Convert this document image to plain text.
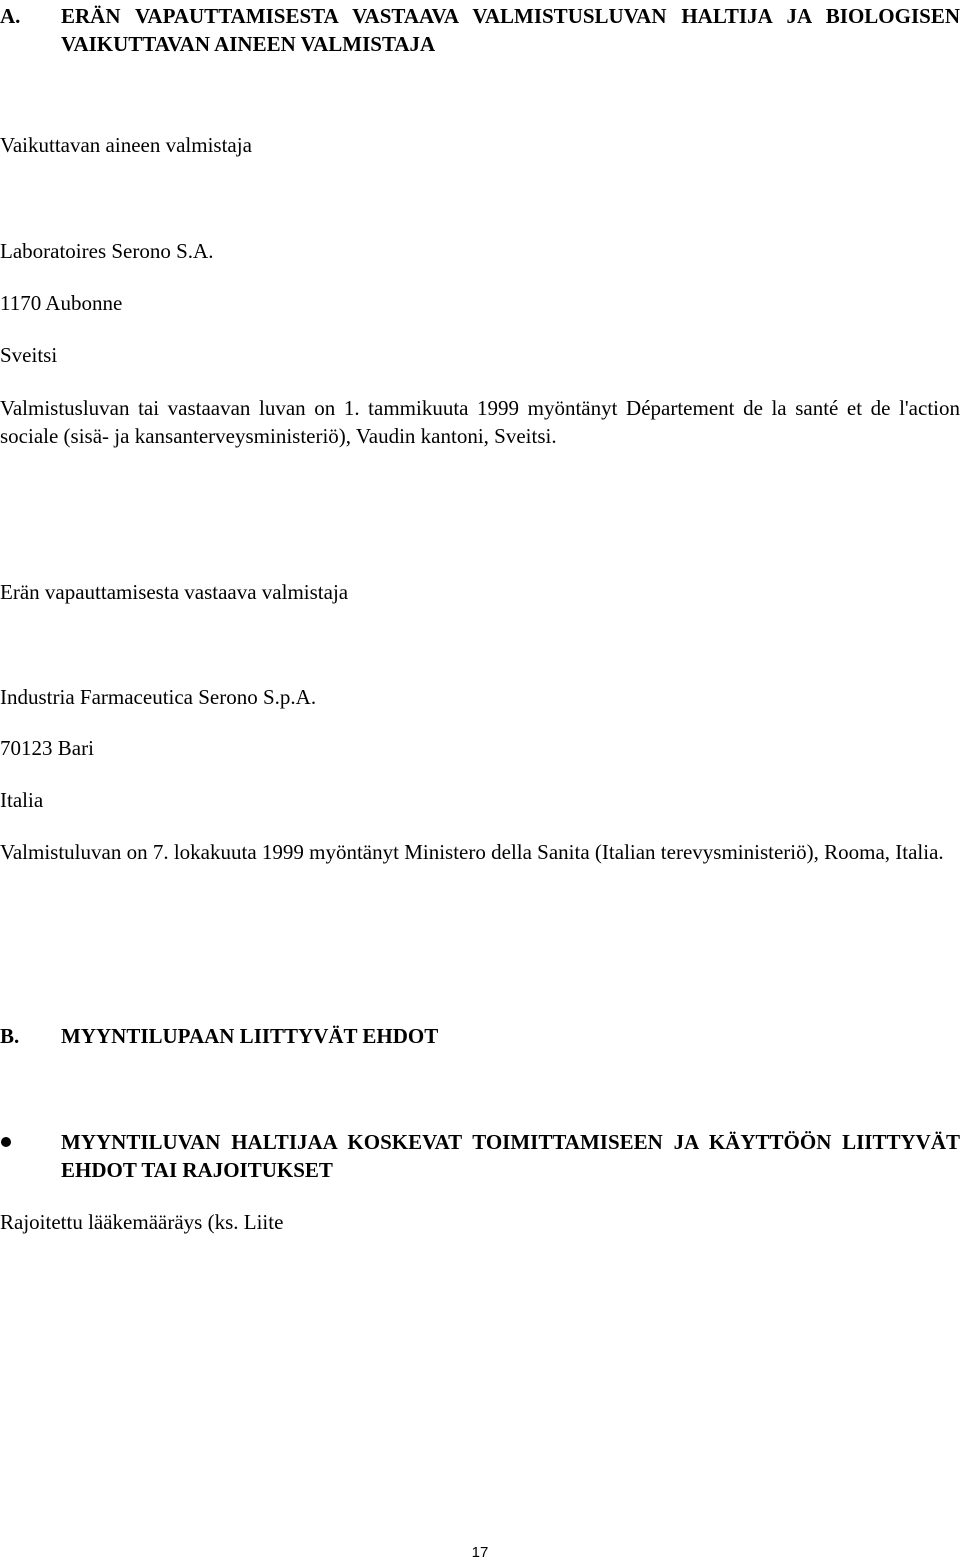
A. ERÄN VAPAUTTAMISESTA VASTAAVA VALMISTUSLUVAN HALTIJA JA BIOLOGISEN VAIKUTTAVAN AINEEN VALMISTAJA

Vaikuttavan aineen valmistaja

Laboratoires Serono S.A.

1170 Aubonne

Sveitsi

Valmistusluvan tai vastaavan luvan on 1. tammikuuta 1999 myöntänyt Département de la santé et de l'action sociale (sisä- ja kansanterveysministeriö), Vaudin kantoni, Sveitsi.

Erän vapauttamisesta vastaava valmistaja

Industria Farmaceutica Serono S.p.A.

70123 Bari

Italia

Valmistuluvan on 7. lokakuuta 1999 myöntänyt Ministero della Sanita (Italian terevysministeriö), Rooma, Italia.

B. MYYNTILUPAAN LIITTYVÄT EHDOT
MYYNTILUVAN HALTIJAA KOSKEVAT TOIMITTAMISEEN JA KÄYTTÖÖN LIITTYVÄT EHDOT TAI RAJOITUKSET

Rajoitettu lääkemääräys (ks. Liite

17
